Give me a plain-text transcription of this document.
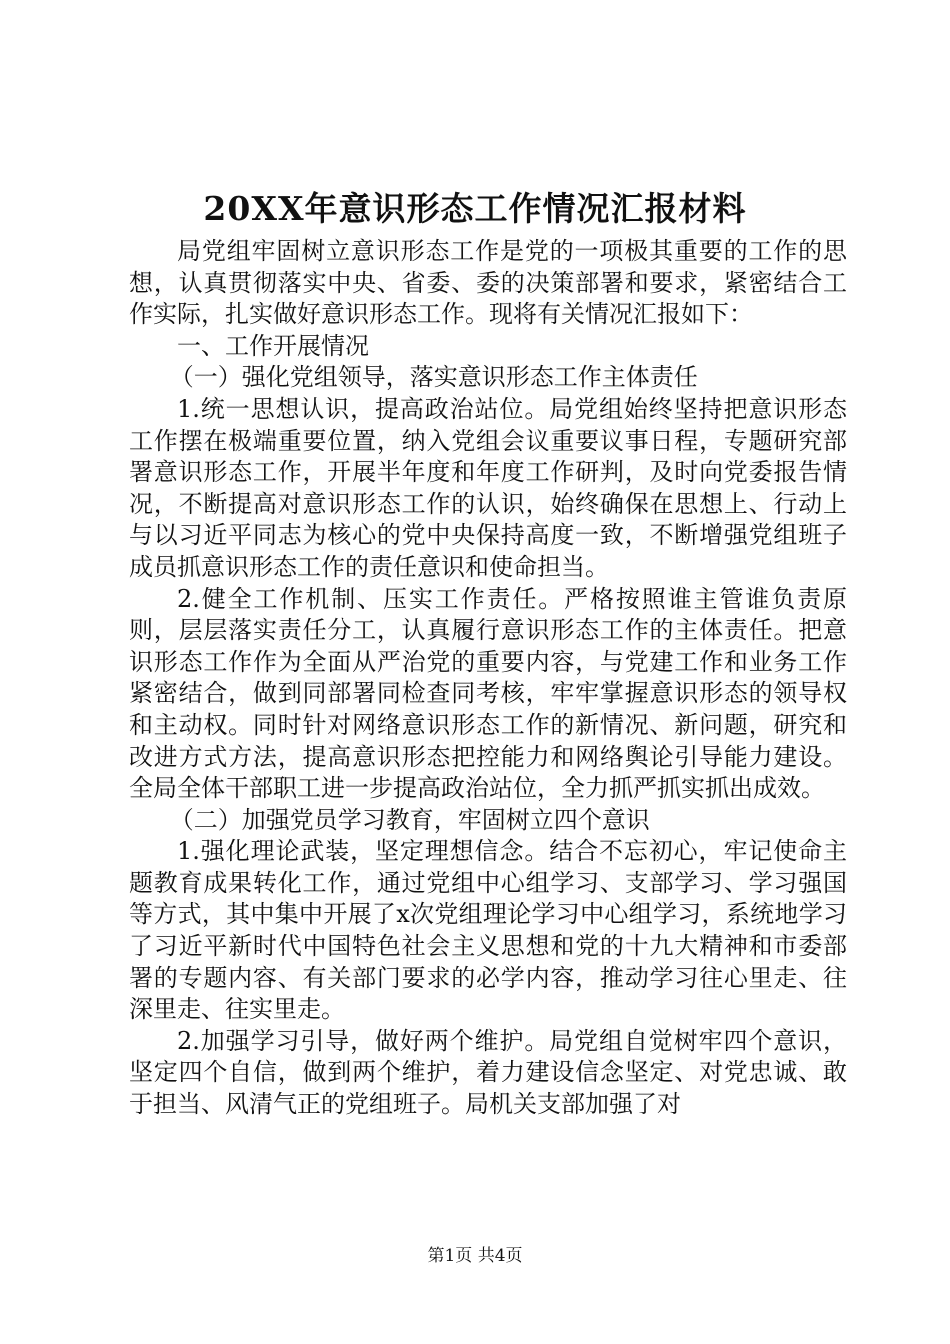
20XX年意识形态工作情况汇报材料

局党组牢固树立意识形态工作是党的一项极其重要的工作的思想，认真贯彻落实中央、省委、委的决策部署和要求，紧密结合工作实际，扎实做好意识形态工作。现将有关情况汇报如下：

一、工作开展情况

（一）强化党组领导，落实意识形态工作主体责任

1.统一思想认识，提高政治站位。局党组始终坚持把意识形态工作摆在极端重要位置，纳入党组会议重要议事日程，专题研究部署意识形态工作，开展半年度和年度工作研判，及时向党委报告情况，不断提高对意识形态工作的认识，始终确保在思想上、行动上与以习近平同志为核心的党中央保持高度一致，不断增强党组班子成员抓意识形态工作的责任意识和使命担当。

2.健全工作机制、压实工作责任。严格按照谁主管谁负责原则，层层落实责任分工，认真履行意识形态工作的主体责任。把意识形态工作作为全面从严治党的重要内容，与党建工作和业务工作紧密结合，做到同部署同检查同考核，牢牢掌握意识形态的领导权和主动权。同时针对网络意识形态工作的新情况、新问题，研究和改进方式方法，提高意识形态把控能力和网络舆论引导能力建设。全局全体干部职工进一步提高政治站位，全力抓严抓实抓出成效。

（二）加强党员学习教育，牢固树立四个意识

1.强化理论武装，坚定理想信念。结合不忘初心，牢记使命主题教育成果转化工作，通过党组中心组学习、支部学习、学习强国等方式，其中集中开展了x次党组理论学习中心组学习，系统地学习了习近平新时代中国特色社会主义思想和党的十九大精神和市委部署的专题内容、有关部门要求的必学内容，推动学习往心里走、往深里走、往实里走。

2.加强学习引导，做好两个维护。局党组自觉树牢四个意识，坚定四个自信，做到两个维护，着力建设信念坚定、对党忠诚、敢于担当、风清气正的党组班子。局机关支部加强了对

第1页 共4页
